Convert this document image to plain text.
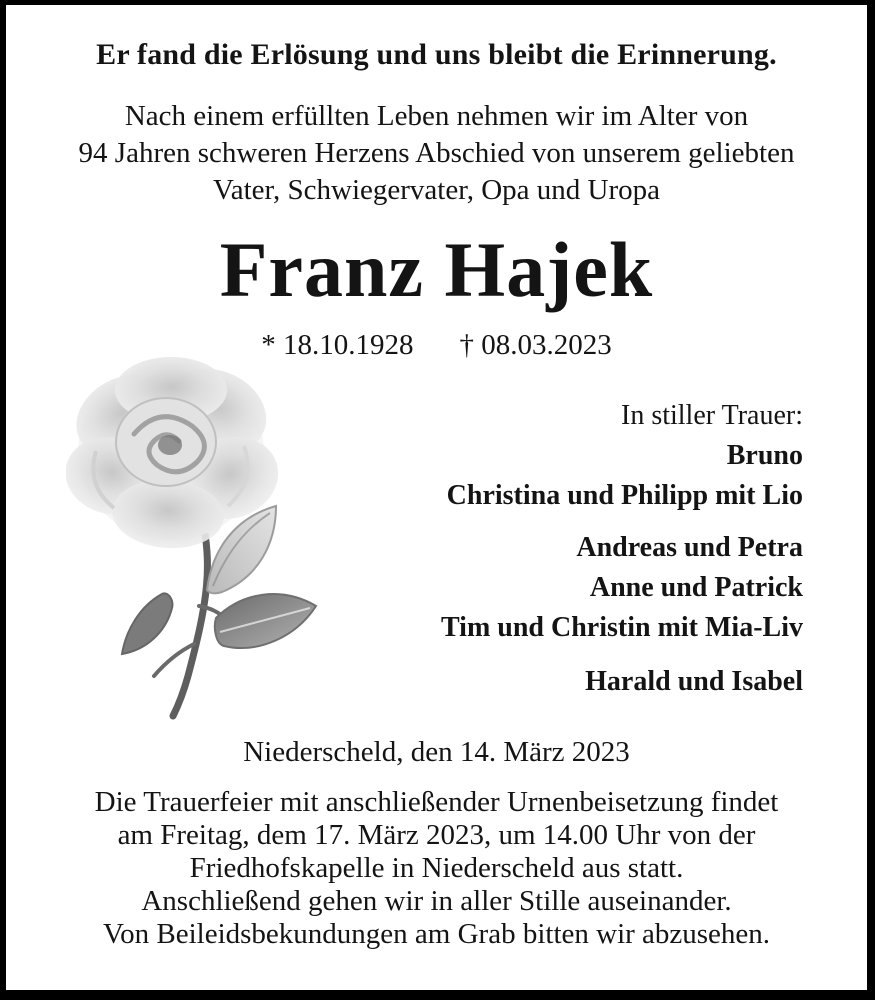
Er fand die Erlösung und uns bleibt die Erinnerung.
Nach einem erfüllten Leben nehmen wir im Alter von
94 Jahren schweren Herzens Abschied von unserem geliebten
Vater, Schwiegervater, Opa und Uropa
Franz Hajek
* 18.10.1928 † 08.03.2023
In stiller Trauer:
Bruno
Christina und Philipp mit Lio
Andreas und Petra
Anne und Patrick
Tim und Christin mit Mia-Liv
Harald und Isabel
Niederscheld, den 14. März 2023
Die Trauerfeier mit anschließender Urnenbeisetzung findet
am Freitag, dem 17. März 2023, um 14.00 Uhr von der
Friedhofskapelle in Niederscheld aus statt.
Anschließend gehen wir in aller Stille auseinander.
Von Beileidsbekundungen am Grab bitten wir abzusehen.
